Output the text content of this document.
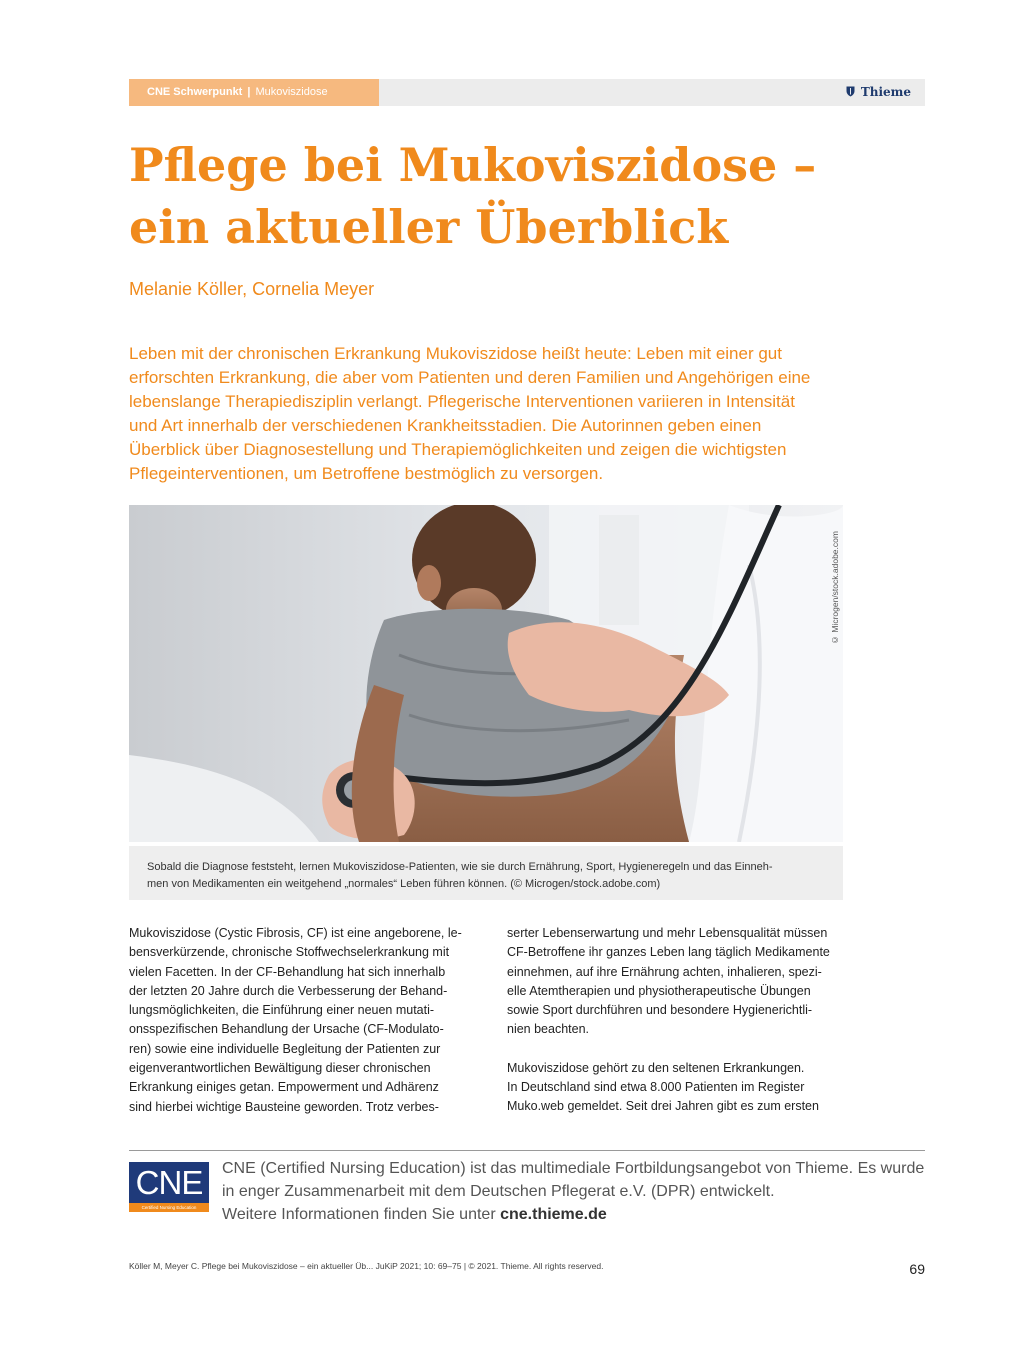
CNE Schwerpunkt | Mukoviszidose	Thieme
Pflege bei Mukoviszidose –
ein aktueller Überblick
Melanie Köller, Cornelia Meyer
Leben mit der chronischen Erkrankung Mukoviszidose heißt heute: Leben mit einer gut
erforschten Erkrankung, die aber vom Patienten und deren Familien und Angehörigen eine
lebenslange Therapiedisziplin verlangt. Pflegerische Interventionen variieren in Intensität
und Art innerhalb der verschiedenen Krankheitsstadien. Die Autorinnen geben einen
Überblick über Diagnosestellung und Therapiemöglichkeiten und zeigen die wichtigsten
Pflegeinterventionen, um Betroffene bestmöglich zu versorgen.
© Microgen/stock.adobe.com
Sobald die Diagnose feststeht, lernen Mukoviszidose-Patienten, wie sie durch Ernährung, Sport, Hygieneregeln und das Einneh-
men von Medikamenten ein weitgehend „normales“ Leben führen können. (© Microgen/stock.adobe.com)
Mukoviszidose (Cystic Fibrosis, CF) ist eine angeborene, le-
bensverkürzende, chronische Stoffwechselerkrankung mit
vielen Facetten. In der CF-Behandlung hat sich innerhalb
der letzten 20 Jahre durch die Verbesserung der Behand-
lungsmöglichkeiten, die Einführung einer neuen mutati-
onsspezifischen Behandlung der Ursache (CF-Modulato-
ren) sowie eine individuelle Begleitung der Patienten zur
eigenverantwortlichen Bewältigung dieser chronischen
Erkrankung einiges getan. Empowerment und Adhärenz
sind hierbei wichtige Bausteine geworden. Trotz verbes-
serter Lebenserwartung und mehr Lebensqualität müssen
CF-Betroffene ihr ganzes Leben lang täglich Medikamente
einnehmen, auf ihre Ernährung achten, inhalieren, spezi-
elle Atemtherapien und physiotherapeutische Übungen
sowie Sport durchführen und besondere Hygienerichtli-
nien beachten.
Mukoviszidose gehört zu den seltenen Erkrankungen.
In Deutschland sind etwa 8.000 Patienten im Register
Muko.web gemeldet. Seit drei Jahren gibt es zum ersten
CNE
Certified Nursing Education
CNE (Certified Nursing Education) ist das multimediale Fortbildungsangebot von Thieme. Es wurde
in enger Zusammenarbeit mit dem Deutschen Pflegerat e.V. (DPR) entwickelt.
Weitere Informationen finden Sie unter cne.thieme.de
Köller M, Meyer C. Pflege bei Mukoviszidose – ein aktueller Üb... JuKiP 2021; 10: 69–75 | © 2021. Thieme. All rights reserved.	69
